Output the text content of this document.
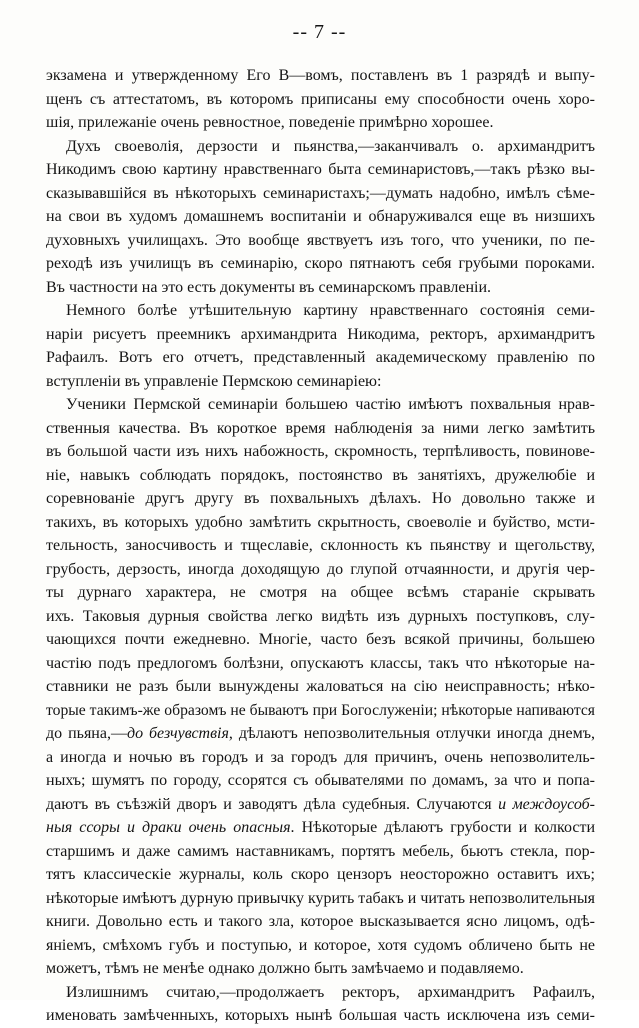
-- 7 --
экзамена и утвержденному Его В—вомъ, поставленъ въ 1 разрядѣ и выпу-
щенъ съ аттестатомъ, въ которомъ приписаны ему способности очень хоро-
шія, прилежаніе очень ревностное, поведеніе примѣрно хорошее.
Духъ своеволія, дерзости и пьянства,—заканчивалъ о. архимандритъ
Никодимъ свою картину нравственнаго быта семинаристовъ,—такъ рѣзко вы-
сказывавшійся въ нѣкоторыхъ семинаристахъ;—думать надобно, имѣлъ сѣме-
на свои въ худомъ домашнемъ воспитаніи и обнаруживался еще въ низшихъ
духовныхъ училищахъ. Это вообще явствуетъ изъ того, что ученики, по пе-
реходѣ изъ училищъ въ семинарію, скоро пятнаютъ себя грубыми пороками.
Въ частности на это есть документы въ семинарскомъ правленіи.
Немного болѣе утѣшительную картину нравственнаго состоянія семи-
наріи рисуетъ преемникъ архимандрита Никодима, ректоръ, архимандритъ
Рафаилъ. Вотъ его отчетъ, представленный академическому правленію по
вступленіи въ управленіе Пермскою семинаріею:
Ученики Пермской семинаріи большею частію имѣютъ похвальныя нрав-
ственныя качества. Въ короткое время наблюденія за ними легко замѣтить
въ большой части изъ нихъ набожность, скромность, терпѣливость, повинове-
ніе, навыкъ соблюдать порядокъ, постоянство въ занятіяхъ, дружелюбіе и
соревнованіе другъ другу въ похвальныхъ дѣлахъ. Но довольно также и
такихъ, въ которыхъ удобно замѣтить скрытность, своеволіе и буйство, мсти-
тельность, заносчивость и тщеславіе, склонность къ пьянству и щегольству,
грубость, дерзость, иногда доходящую до глупой отчаянности, и другія чер-
ты дурнаго характера, не смотря на общее всѣмъ стараніе скрывать
ихъ. Таковыя дурныя свойства легко видѣть изъ дурныхъ поступковъ, слу-
чающихся почти ежедневно. Многіе, часто безъ всякой причины, большею
частію подъ предлогомъ болѣзни, опускаютъ классы, такъ что нѣкоторые на-
ставники не разъ были вынуждены жаловаться на сію неисправность; нѣко-
торые такимъ-же образомъ не бываютъ при Богослуженіи; нѣкоторые напиваются
до пьяна,—до безчувствія, дѣлаютъ непозволительныя отлучки иногда днемъ,
а иногда и ночью въ городъ и за городъ для причинъ, очень непозволитель-
ныхъ; шумятъ по городу, ссорятся съ обывателями по домамъ, за что и попа-
даютъ въ съѣзжій дворъ и заводятъ дѣла судебныя. Случаются и междоусоб-
ныя ссоры и драки очень опасныя. Нѣкоторые дѣлаютъ грубости и колкости
старшимъ и даже самимъ наставникамъ, портятъ мебель, бьютъ стекла, пор-
тятъ классическіе журналы, коль скоро цензоръ неосторожно оставитъ ихъ;
нѣкоторые имѣютъ дурную привычку курить табакъ и читать непозволительныя
книги. Довольно есть и такого зла, которое высказывается ясно лицомъ, одѣ-
яніемъ, смѣхомъ губъ и поступью, и которое, хотя судомъ обличено быть не
можетъ, тѣмъ не менѣе однако должно быть замѣчаемо и подавляемо.
Излишнимъ считаю,—продолжаетъ ректоръ, архимандритъ Рафаилъ,
именовать замѣченныхъ, которыхъ нынѣ большая часть исключена изъ семи-
